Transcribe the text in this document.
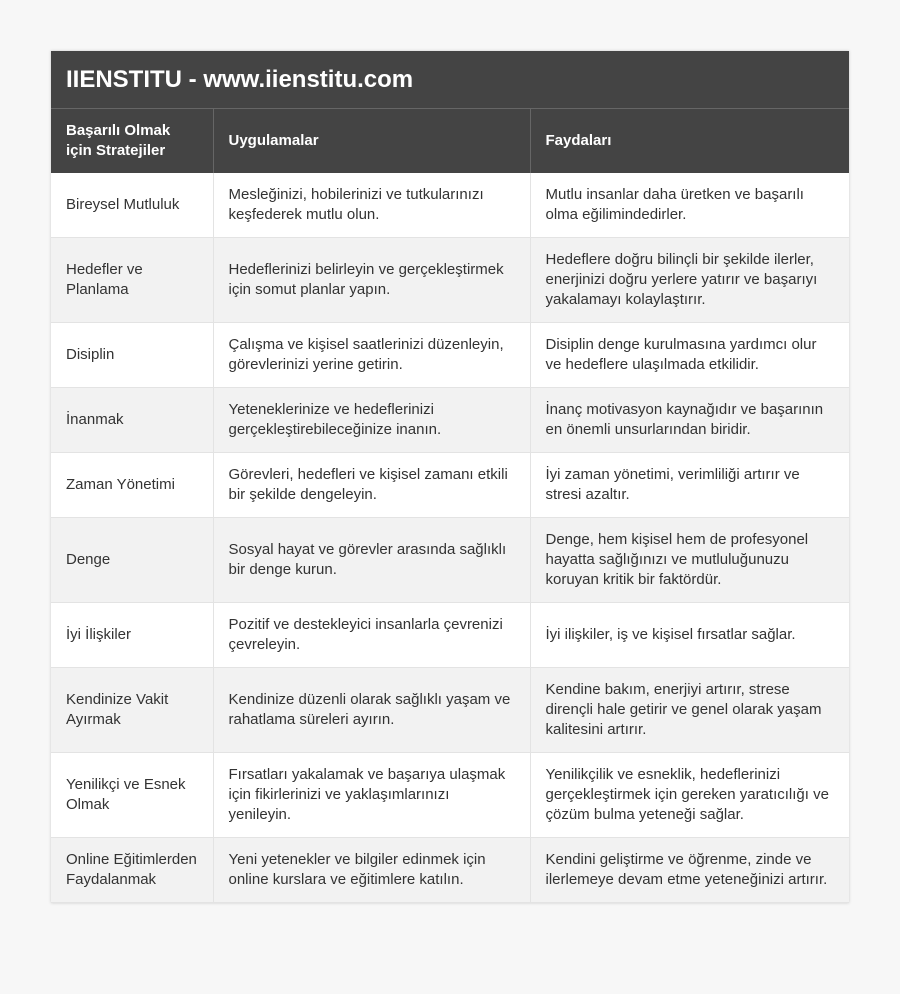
IIENSTITU - www.iienstitu.com
Başarılı Olmak için Stratejiler	Uygulamalar	Faydaları
Bireysel Mutluluk	Mesleğinizi, hobilerinizi ve tutkularınızı keşfederek mutlu olun.	Mutlu insanlar daha üretken ve başarılı olma eğilimindedirler.
Hedefler ve Planlama	Hedeflerinizi belirleyin ve gerçekleştirmek için somut planlar yapın.	Hedeflere doğru bilinçli bir şekilde ilerler, enerjinizi doğru yerlere yatırır ve başarıyı yakalamayı kolaylaştırır.
Disiplin	Çalışma ve kişisel saatlerinizi düzenleyin, görevlerinizi yerine getirin.	Disiplin denge kurulmasına yardımcı olur ve hedeflere ulaşılmada etkilidir.
İnanmak	Yeteneklerinize ve hedeflerinizi gerçekleştirebileceğinize inanın.	İnanç motivasyon kaynağıdır ve başarının en önemli unsurlarından biridir.
Zaman Yönetimi	Görevleri, hedefleri ve kişisel zamanı etkili bir şekilde dengeleyin.	İyi zaman yönetimi, verimliliği artırır ve stresi azaltır.
Denge	Sosyal hayat ve görevler arasında sağlıklı bir denge kurun.	Denge, hem kişisel hem de profesyonel hayatta sağlığınızı ve mutluluğunuzu koruyan kritik bir faktördür.
İyi İlişkiler	Pozitif ve destekleyici insanlarla çevrenizi çevreleyin.	İyi ilişkiler, iş ve kişisel fırsatlar sağlar.
Kendinize Vakit Ayırmak	Kendinize düzenli olarak sağlıklı yaşam ve rahatlama süreleri ayırın.	Kendine bakım, enerjiyi artırır, strese dirençli hale getirir ve genel olarak yaşam kalitesini artırır.
Yenilikçi ve Esnek Olmak	Fırsatları yakalamak ve başarıya ulaşmak için fikirlerinizi ve yaklaşımlarınızı yenileyin.	Yenilikçilik ve esneklik, hedeflerinizi gerçekleştirmek için gereken yaratıcılığı ve çözüm bulma yeteneği sağlar.
Online Eğitimlerden Faydalanmak	Yeni yetenekler ve bilgiler edinmek için online kurslara ve eğitimlere katılın.	Kendini geliştirme ve öğrenme, zinde ve ilerlemeye devam etme yeteneğinizi artırır.
